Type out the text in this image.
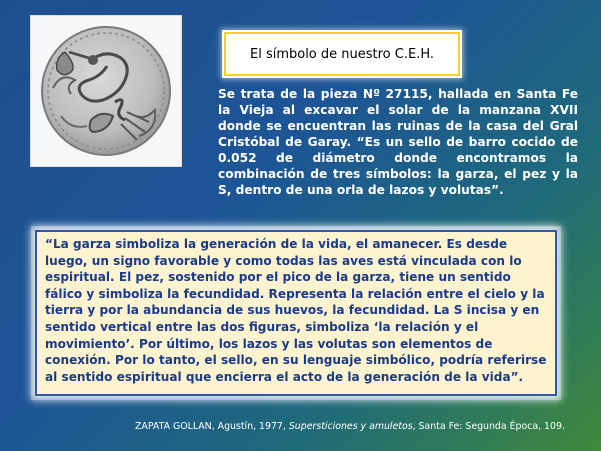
El símbolo de nuestro C.E.H.

Se trata de la pieza Nº 27115, hallada en Santa Fe la Vieja al excavar el solar de la manzana XVII donde se encuentran las ruinas de la casa del Gral Cristóbal de Garay. “Es un sello de barro cocido de 0.052 de diámetro donde encontramos la combinación de tres símbolos: la garza, el pez y la S, dentro de una orla de lazos y volutas”.

“La garza simboliza la generación de la vida, el amanecer. Es desde luego, un signo favorable y como todas las aves está vinculada con lo espiritual. El pez, sostenido por el pico de la garza, tiene un sentido fálico y simboliza la fecundidad. Representa la relación entre el cielo y la tierra y por la abundancia de sus huevos, la fecundidad. La S incisa y en sentido vertical entre las dos figuras, simboliza ‘la relación y el movimiento’. Por último, los lazos y las volutas son elementos de conexión. Por lo tanto, el sello, en su lenguaje simbólico, podría referirse al sentido espiritual que encierra el acto de la generación de la vida”.

ZAPATA GOLLAN, Agustín, 1977, Supersticiones y amuletos, Santa Fe: Segunda Época, 109.
